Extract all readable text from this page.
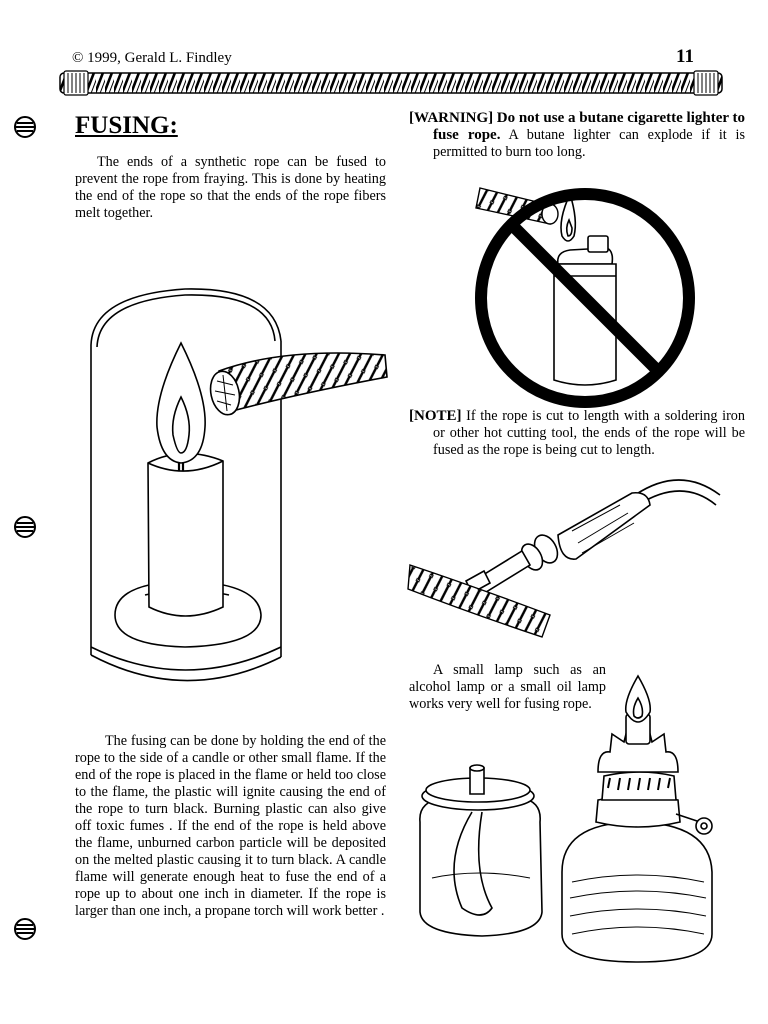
© 1999, Gerald L. Findley	11
FUSING:
The ends of a synthetic rope can be fused to prevent the rope from fraying. This is done by heating the end of the rope so that the ends of the rope fibers melt together.
The fusing can be done by holding the end of the rope to the side of a candle or other small flame. If the end of the rope is placed in the flame or held too close to the flame, the plastic will ignite causing the end of the rope to turn black. Burning plastic can also give off toxic fumes . If the end of the rope is held above the flame, unburned carbon particle will be deposited on the melted plastic causing it to turn black. A candle flame will generate enough heat to fuse the end of a rope up to about one inch in diameter. If the rope is larger than one inch, a propane torch will work better .
[WARNING] Do not use a butane cigarette lighter to fuse rope. A butane lighter can explode if it is permitted to burn too long.
[NOTE] If the rope is cut to length with a soldering iron or other hot cutting tool, the ends of the rope will be fused as the rope is being cut to length.
A small lamp such as an alcohol lamp or a small oil lamp works very well for fusing rope.
